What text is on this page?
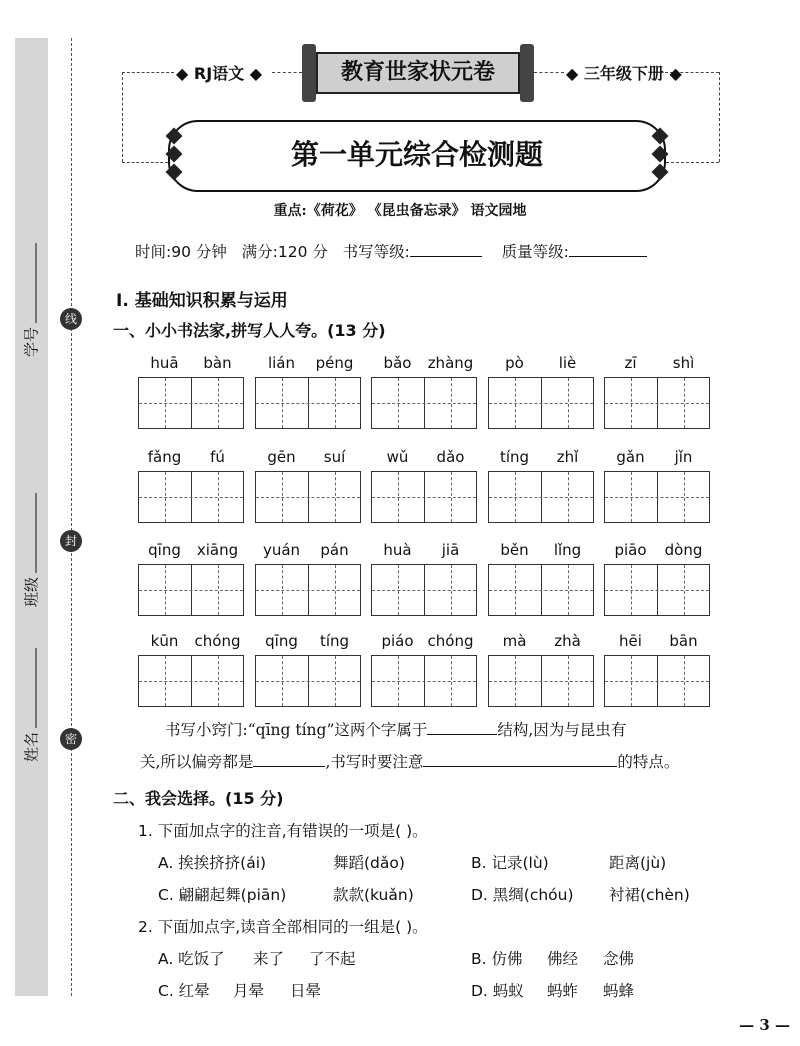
学号
班级
姓名
线
封
密
◆ RJ语文 ◆	教育世家状元卷	◆ 三年级下册 ◆
第一单元综合检测题
重点:《荷花》 《昆虫备忘录》 语文园地
时间:90 分钟 满分:120 分 书写等级:	质量等级:
Ⅰ. 基础知识积累与运用
一、小小书法家,拼写人人夸。(13 分)
huā	bàn	lián	péng	bǎo	zhàng	pò	liè	zī	shì
fǎng	fú	gēn	suí	wǔ	dǎo	tíng	zhǐ	gǎn	jǐn
qīng	xiāng	yuán	pán	huà	jiā	běn	lǐng	piāo	dòng
kūn	chóng	qīng	tíng	piáo chóng	mà	zhà	hēi	bān
书写小窍门:“qīng tíng”这两个字属于	结构,因为与昆虫有
关,所以偏旁都是	,书写时要注意	的特点。
二、我会选择。(15 分)
1. 下面加点字的注音,有错误的一项是( )。
A. 挨挨挤挤(ái)	舞蹈(dǎo)	B. 记录(lù)	距离(jù)
C. 翩翩起舞(piān)	款款(kuǎn)	D. 黑绸(chóu) 衬裙(chèn)
2. 下面加点字,读音全部相同的一组是( )。
A. 吃饭了 来了 了不起	B. 仿佛 佛经 念佛
C. 红晕 月晕 日晕	D. 蚂蚁 蚂蚱 蚂蜂
— 3 —
